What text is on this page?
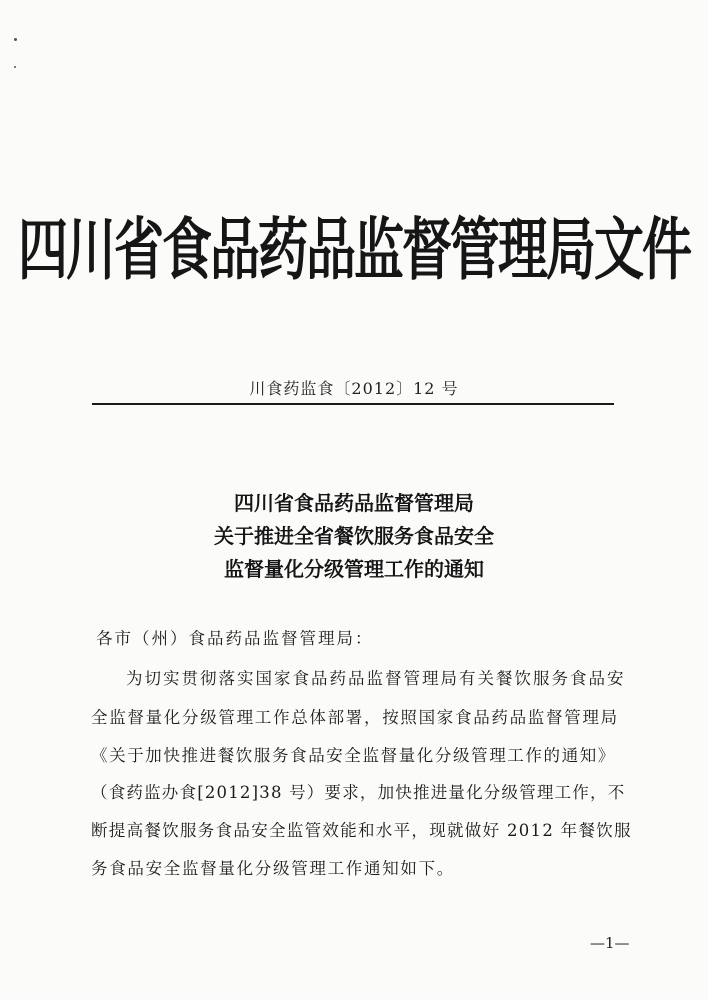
四川省食品药品监督管理局文件
川食药监食〔2012〕12 号
四川省食品药品监督管理局
关于推进全省餐饮服务食品安全
监督量化分级管理工作的通知
各市（州）食品药品监督管理局：
为切实贯彻落实国家食品药品监督管理局有关餐饮服务食品安
全监督量化分级管理工作总体部署，按照国家食品药品监督管理局
《关于加快推进餐饮服务食品安全监督量化分级管理工作的通知》
（食药监办食[2012]38 号）要求，加快推进量化分级管理工作，不
断提高餐饮服务食品安全监管效能和水平，现就做好 2012 年餐饮服
务食品安全监督量化分级管理工作通知如下。
—1—
